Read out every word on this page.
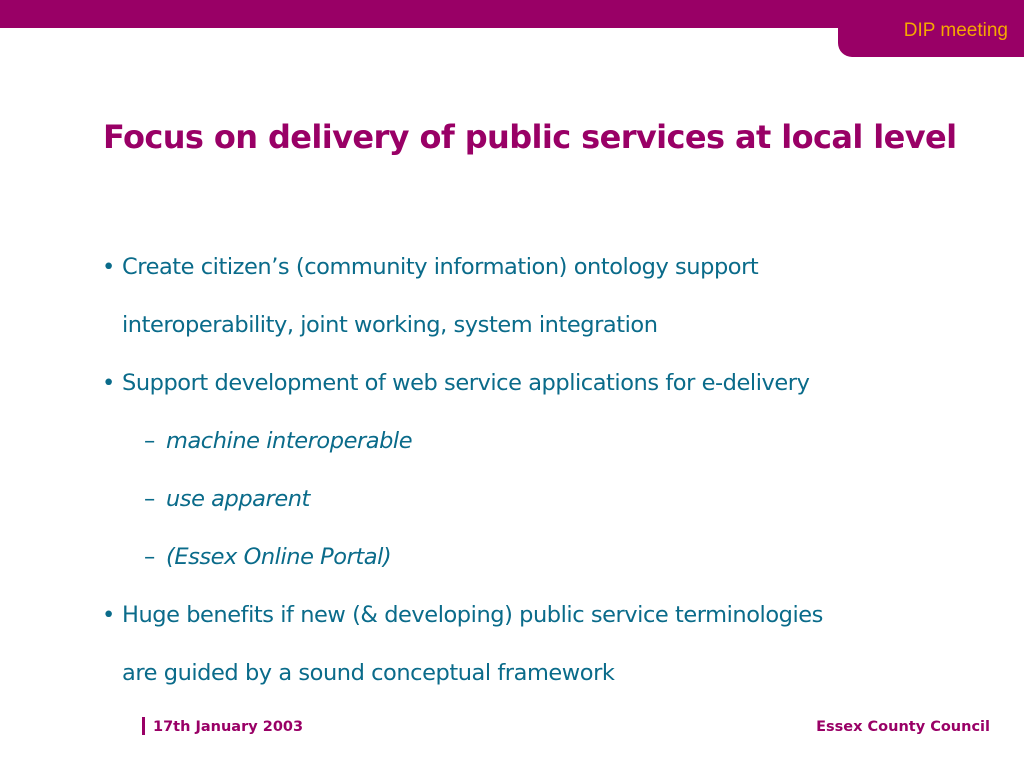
DIP meeting
Focus on delivery of public services at local level
• Create citizen’s (community information) ontology support
interoperability, joint working, system integration
• Support development of web service applications for e-delivery
– machine interoperable
– use apparent
– (Essex Online Portal)
• Huge benefits if new (& developing) public service terminologies
are guided by a sound conceptual framework
17th January 2003	Essex County Council
